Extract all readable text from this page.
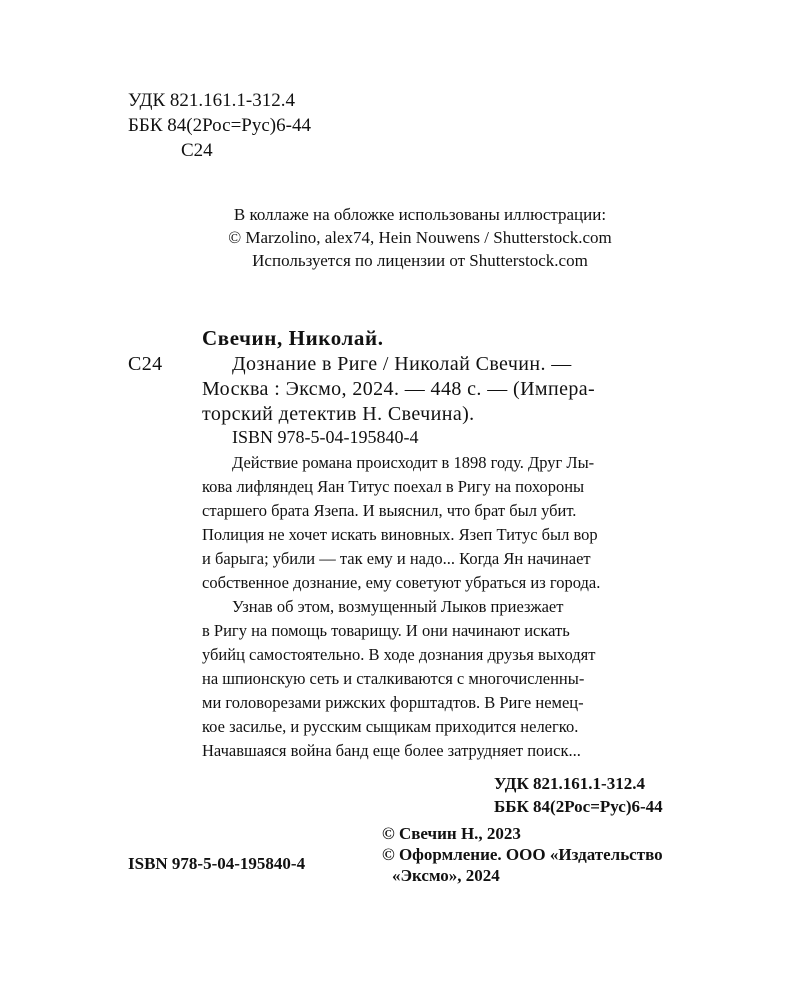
УДК 821.161.1-312.4
ББК 84(2Рос=Рус)6-44
С24
В коллаже на обложке использованы иллюстрации:
© Marzolino, alex74, Hein Nouwens / Shutterstock.com
Используется по лицензии от Shutterstock.com
Свечин, Николай.
С24	Дознание в Риге / Николай Свечин. —
Москва : Эксмо, 2024. — 448 с. — (Импера-
торский детектив Н. Свечина).
ISBN 978-5-04-195840-4
Действие романа происходит в 1898 году. Друг Лы-
кова лифляндец Яан Титус поехал в Ригу на похороны
старшего брата Язепа. И выяснил, что брат был убит.
Полиция не хочет искать виновных. Язеп Титус был вор
и барыга; убили — так ему и надо... Когда Ян начинает
собственное дознание, ему советуют убраться из города.
Узнав об этом, возмущенный Лыков приезжает
в Ригу на помощь товарищу. И они начинают искать
убийц самостоятельно. В ходе дознания друзья выходят
на шпионскую сеть и сталкиваются с многочисленны-
ми головорезами рижских форштадтов. В Риге немец-
кое засилье, и русским сыщикам приходится нелегко.
Начавшаяся война банд еще более затрудняет поиск...
УДК 821.161.1-312.4
ББК 84(2Рос=Рус)6-44
ISBN 978-5-04-195840-4
© Свечин Н., 2023
© Оформление. ООО «Издательство
«Эксмо», 2024
